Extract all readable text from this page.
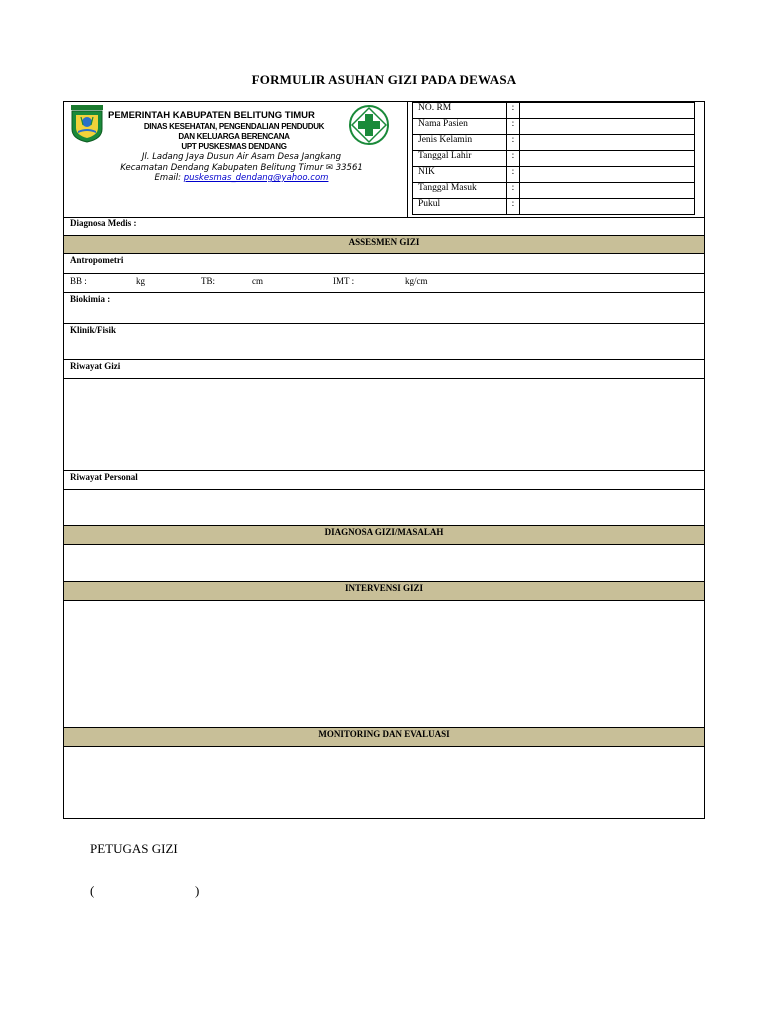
FORMULIR ASUHAN GIZI PADA DEWASA
PEMERINTAH KABUPATEN BELITUNG TIMUR
DINAS KESEHATAN, PENGENDALIAN PENDUDUK
DAN KELUARGA BERENCANA
UPT PUSKESMAS DENDANG
Jl. Ladang Jaya Dusun Air Asam Desa Jangkang
Kecamatan Dendang Kabupaten Belitung Timur ✉ 33561
Email: puskesmas_dendang@yahoo.com
NO. RM	:	
Nama Pasien	:	
Jenis Kelamin	:	
Tanggal Lahir	:	
NIK	:	
Tanggal Masuk	:	
Pukul	:	
Diagnosa Medis :
ASSESMEN GIZI
Antropometri
BB :	kg	TB:	cm	IMT :	kg/cm
Biokimia :
Klinik/Fisik
Riwayat Gizi
Riwayat Personal
DIAGNOSA GIZI/MASALAH
INTERVENSI GIZI
MONITORING DAN EVALUASI
PETUGAS GIZI
(	)
